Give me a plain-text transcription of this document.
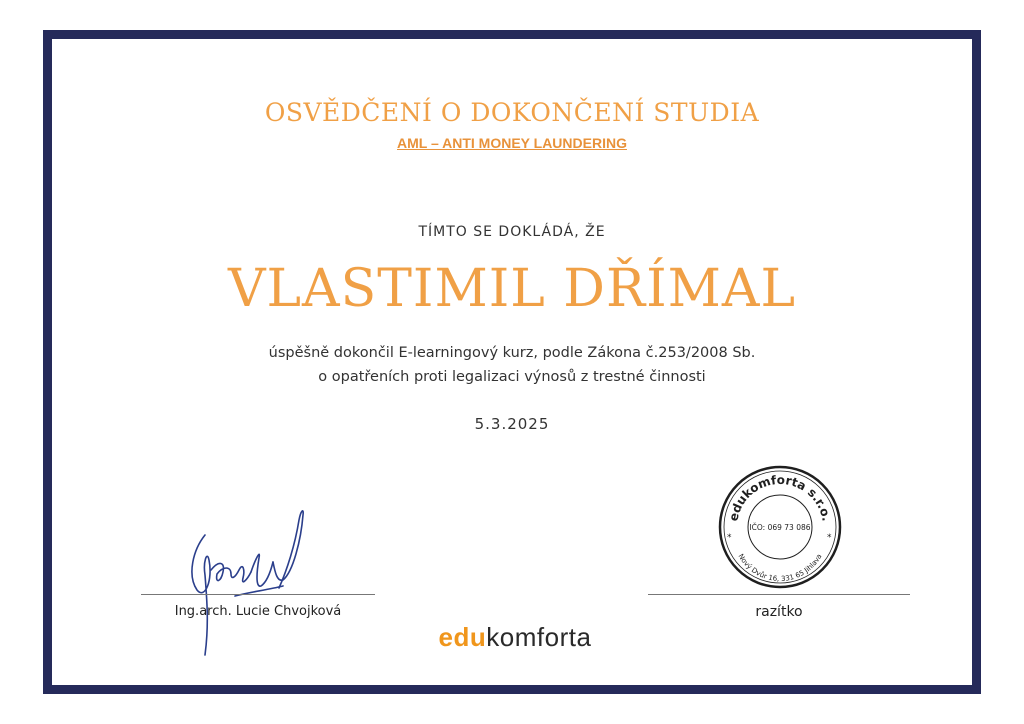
OSVĚDČENÍ O DOKONČENÍ STUDIA
AML – ANTI MONEY LAUNDERING
TÍMTO SE DOKLÁDÁ, ŽE
VLASTIMIL DŘÍMAL
úspěšně dokončil E-learningový kurz, podle Zákona č.253/2008 Sb.
o opatřeních proti legalizaci výnosů z trestné činnosti
5.3.2025
Ing.arch. Lucie Chvojková
edukomforta s.r.o.
Nový Dvůr 16, 331 65 Jihlava
IČO: 069 73 086
*	*
razítko
edukomforta
